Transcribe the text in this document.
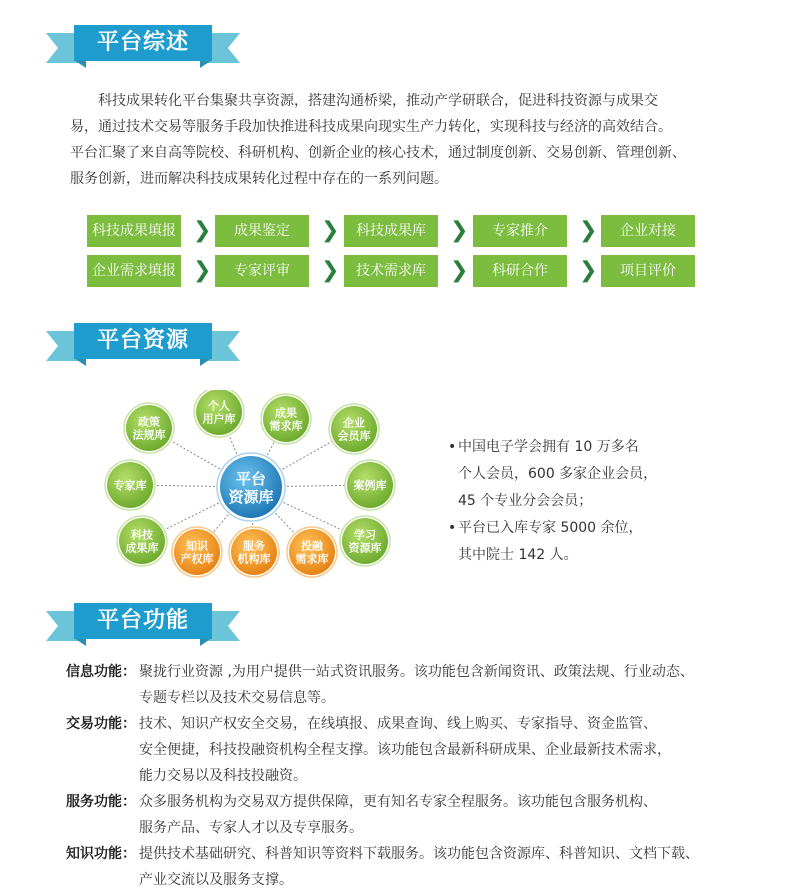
平台综述
科技成果转化平台集聚共享资源，搭建沟通桥梁，推动产学研联合，促进科技资源与成果交
易，通过技术交易等服务手段加快推进科技成果向现实生产力转化，实现科技与经济的高效结合。
平台汇聚了来自高等院校、科研机构、创新企业的核心技术，通过制度创新、交易创新、管理创新、
服务创新，进而解决科技成果转化过程中存在的一系列问题。
科技成果填报 ❯	成果鉴定	❯	科技成果库	❯	专家推介	❯	企业对接
企业需求填报 ❯	专家评审	❯	技术需求库	❯	科研合作	❯	项目评价
平台资源
政策
法规库
个人
用户库	成果
需求库	企业
会员库
专家库	案例库
科技
成果库	知识
产权库
服务
机构库
投融
需求库
学习
资源库
平台
资源库
• 中国电子学会拥有 10 万多名
个人会员，600 多家企业会员，
45 个专业分会会员；
• 平台已入库专家 5000 余位，
其中院士 142 人。
平台功能
信息功能： 聚拢行业资源 ,为用户提供一站式资讯服务。该功能包含新闻资讯、政策法规、行业动态、
专题专栏以及技术交易信息等。
交易功能： 技术、知识产权安全交易，在线填报、成果查询、线上购买、专家指导、资金监管、
安全便捷，科技投融资机构全程支撑。该功能包含最新科研成果、企业最新技术需求，
能力交易以及科技投融资。
服务功能： 众多服务机构为交易双方提供保障，更有知名专家全程服务。该功能包含服务机构、
服务产品、专家人才以及专享服务。
知识功能： 提供技术基础研究、科普知识等资料下载服务。该功能包含资源库、科普知识、文档下载、
产业交流以及服务支撑。
